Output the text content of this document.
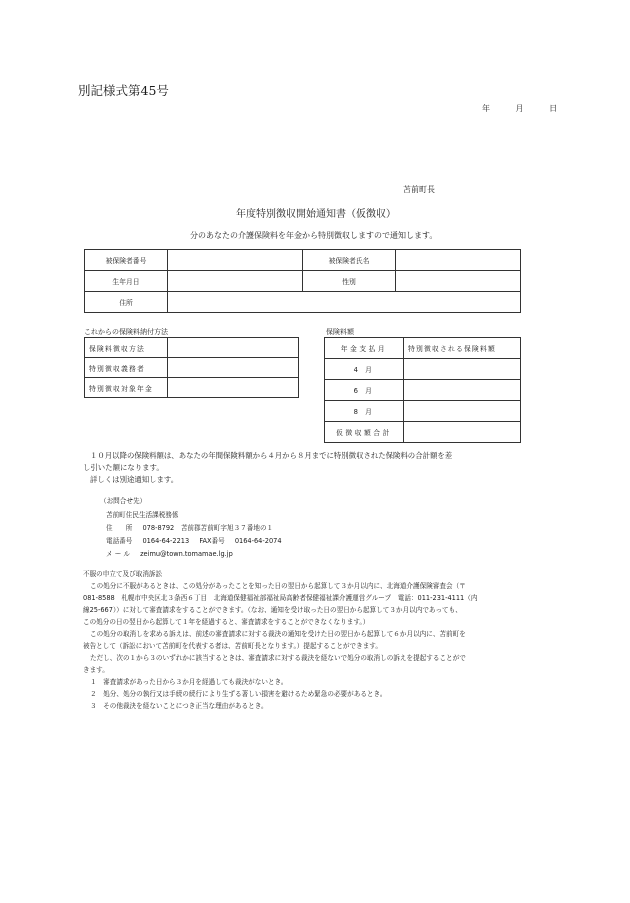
別記様式第45号
年	月	日
苫前町長
年度特別徴収開始通知書（仮徴収）
分のあなたの介護保険料を年金から特別徴収しますので通知します。
被保険者番号		被保険者氏名	
生年月日		性別	
住所			
これからの保険料納付方法	保険料額
保険料徴収方法	
特別徴収義務者	
特別徴収対象年金	
年金支払月	特別徴収される保険料額
4 月	
6 月	
8 月	
仮徴収額合計	
１０月以降の保険料額は、あなたの年間保険料額から４月から８月までに特別徴収された保険料の合計額を差
し引いた額になります。
詳しくは別途通知します。
（お問合せ先）
苫前町住民生活課税務係
住　　所 078-8792　苫前郡苫前町字旭３７番地の１
電話番号 0164-64-2213 FAX番号 0164-64-2074
メ ー ル zeimu@town.tomamae.lg.jp
不服の申立て及び取消訴訟
この処分に不服があるときは、この処分があったことを知った日の翌日から起算して３か月以内に、北海道介護保険審査会（〒
081-8588　札幌市中央区北３条西６丁目　北海道保健福祉部福祉局高齢者保健福祉課介護運営グループ　電話：011-231-4111（内
線25-667））に対して審査請求をすることができます。（なお、通知を受け取った日の翌日から起算して３か月以内であっても、
この処分の日の翌日から起算して１年を経過すると、審査請求をすることができなくなります。）
この処分の取消しを求める訴えは、前述の審査請求に対する裁決の通知を受けた日の翌日から起算して６か月以内に、苫前町を
被告として（訴訟において苫前町を代表する者は、苫前町長となります。）提起することができます。
ただし、次の１から３のいずれかに該当するときは、審査請求に対する裁決を経ないで処分の取消しの訴えを提起することがで
きます。
１　審査請求があった日から３か月を経過しても裁決がないとき。
２　処分、処分の執行又は手続の続行により生ずる著しい損害を避けるため緊急の必要があるとき。
３　その他裁決を経ないことにつき正当な理由があるとき。
